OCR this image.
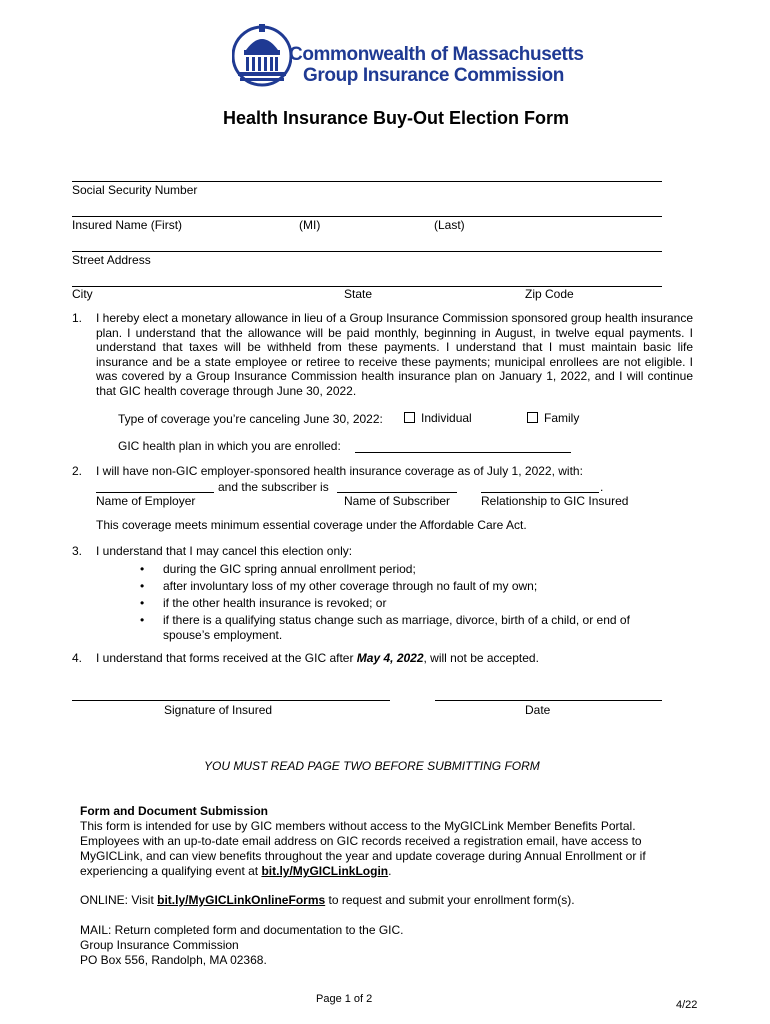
Commonwealth of Massachusetts
Group Insurance Commission
Health Insurance Buy-Out Election Form
Social Security Number
Insured Name (First)	(MI)	(Last)
Street Address
City	State	Zip Code
1. I hereby elect a monetary allowance in lieu of a Group Insurance Commission sponsored group health insurance plan. I understand that the allowance will be paid monthly, beginning in August, in twelve equal payments. I understand that taxes will be withheld from these payments. I understand that I must maintain basic life insurance and be a state employee or retiree to receive these payments; municipal enrollees are not eligible. I was covered by a Group Insurance Commission health insurance plan on January 1, 2022, and I will continue that GIC health coverage through June 30, 2022.
Type of coverage you’re canceling June 30, 2022:	Individual	Family
GIC health plan in which you are enrolled:
2. I will have non-GIC employer-sponsored health insurance coverage as of July 1, 2022, with:
and the subscriber is	.
Name of Employer	Name of Subscriber	Relationship to GIC Insured
This coverage meets minimum essential coverage under the Affordable Care Act.
3. I understand that I may cancel this election only:
• during the GIC spring annual enrollment period;
• after involuntary loss of my other coverage through no fault of my own;
• if the other health insurance is revoked; or
• if there is a qualifying status change such as marriage, divorce, birth of a child, or end of
spouse’s employment.
4. I understand that forms received at the GIC after May 4, 2022, will not be accepted.
Signature of Insured	Date
YOU MUST READ PAGE TWO BEFORE SUBMITTING FORM
Form and Document Submission
This form is intended for use by GIC members without access to the MyGICLink Member Benefits Portal.
Employees with an up-to-date email address on GIC records received a registration email, have access to
MyGICLink, and can view benefits throughout the year and update coverage during Annual Enrollment or if
experiencing a qualifying event at bit.ly/MyGICLinkLogin.
ONLINE: Visit bit.ly/MyGICLinkOnlineForms to request and submit your enrollment form(s).
MAIL: Return completed form and documentation to the GIC.
Group Insurance Commission
PO Box 556, Randolph, MA 02368.
Page 1 of 2	4/22
